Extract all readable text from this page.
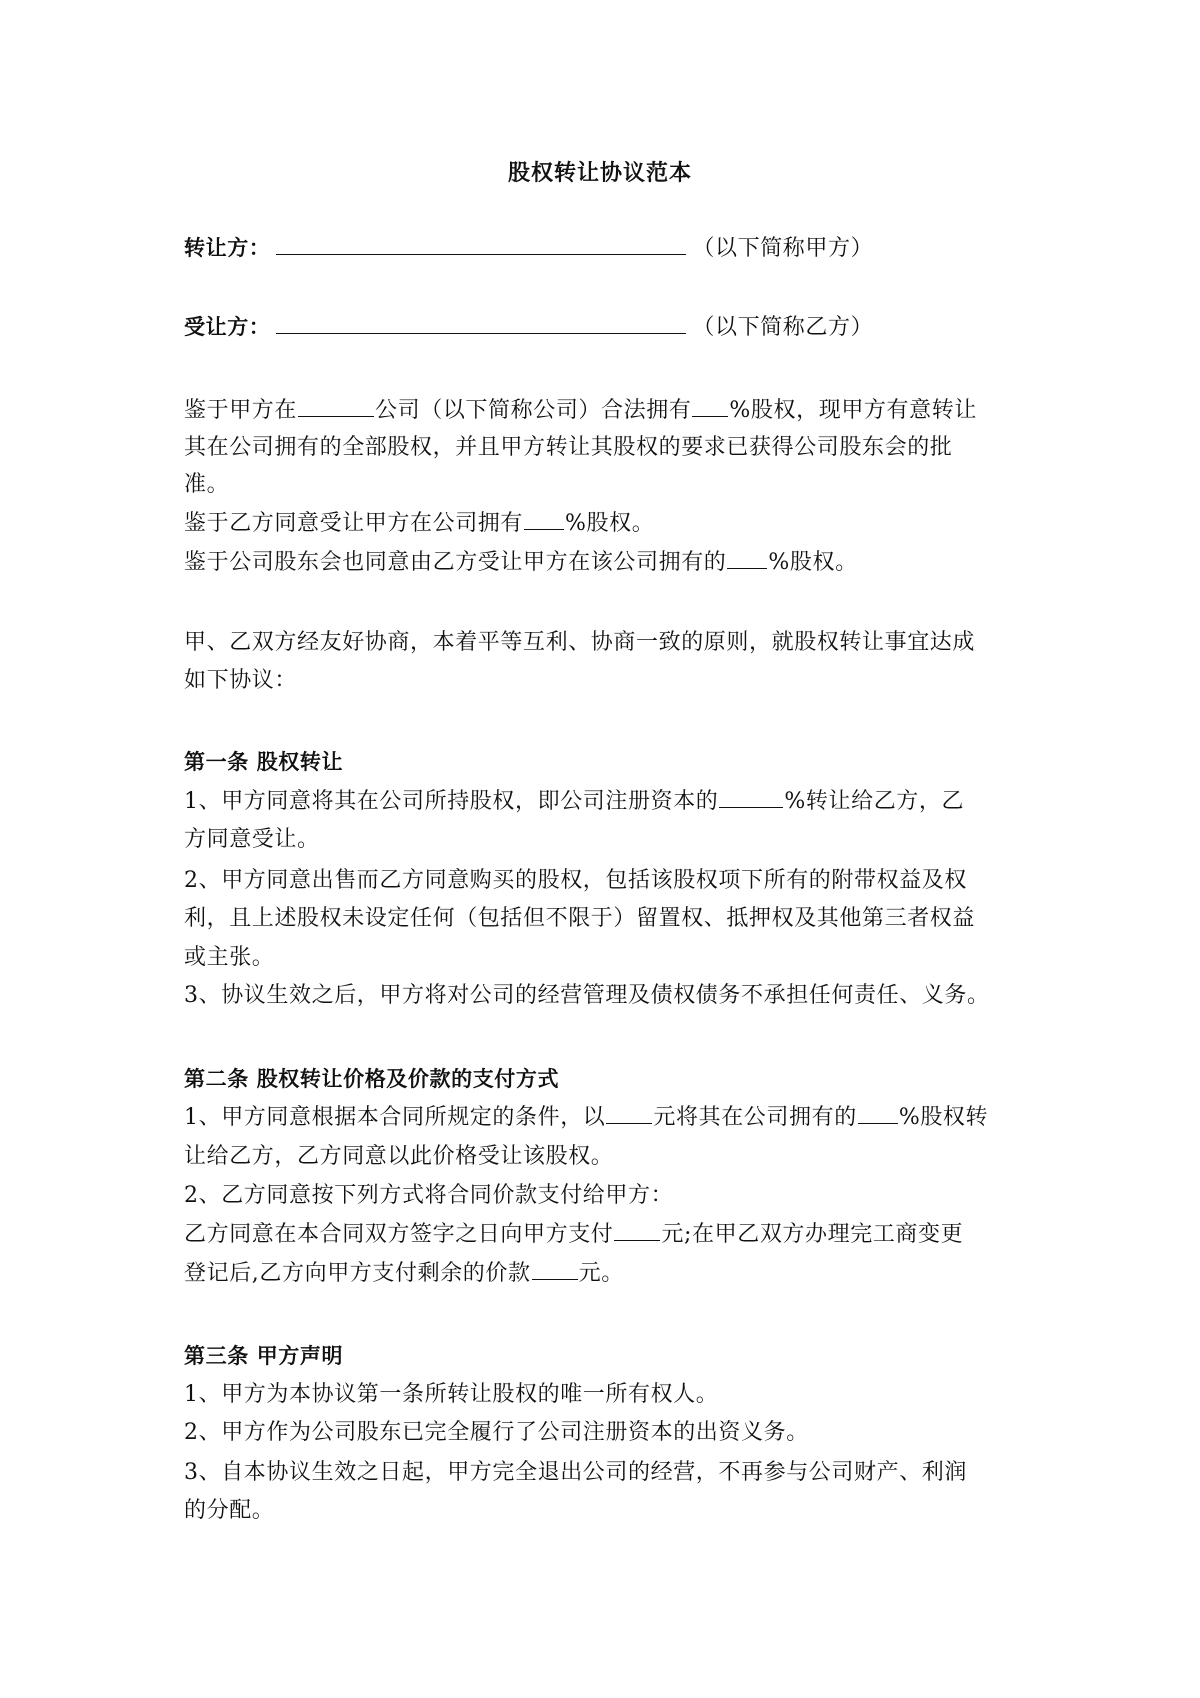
股权转让协议范本
转让方：	（以下简称甲方）
受让方：	（以下简称乙方）
鉴于甲方在	公司（以下简称公司）合法拥有 %股权，现甲方有意转让
其在公司拥有的全部股权，并且甲方转让其股权的要求已获得公司股东会的批
准。
鉴于乙方同意受让甲方在公司拥有 %股权。
鉴于公司股东会也同意由乙方受让甲方在该公司拥有的 %股权。
甲、乙双方经友好协商，本着平等互利、协商一致的原则，就股权转让事宜达成
如下协议：
第一条 股权转让
1、甲方同意将其在公司所持股权，即公司注册资本的	%转让给乙方，乙
方同意受让。
2、甲方同意出售而乙方同意购买的股权，包括该股权项下所有的附带权益及权
利，且上述股权未设定任何（包括但不限于）留置权、抵押权及其他第三者权益
或主张。
3、协议生效之后，甲方将对公司的经营管理及债权债务不承担任何责任、义务。
第二条 股权转让价格及价款的支付方式
1、甲方同意根据本合同所规定的条件，以 元将其在公司拥有的 %股权转
让给乙方，乙方同意以此价格受让该股权。
2、乙方同意按下列方式将合同价款支付给甲方：
乙方同意在本合同双方签字之日向甲方支付 元;在甲乙双方办理完工商变更
登记后,乙方向甲方支付剩余的价款 元。
第三条 甲方声明
1、甲方为本协议第一条所转让股权的唯一所有权人。
2、甲方作为公司股东已完全履行了公司注册资本的出资义务。
3、自本协议生效之日起，甲方完全退出公司的经营，不再参与公司财产、利润
的分配。
